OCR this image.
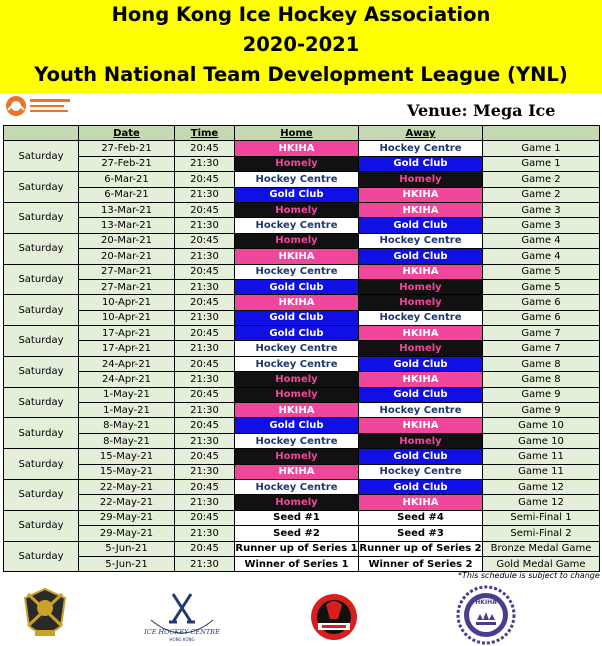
Hong Kong Ice Hockey Association
2020-2021
Youth National Team Development League (YNL)
Venue: Mega Ice
	Date	Time	Home	Away	
Saturday	27-Feb-21	20:45	HKIHA	Hockey Centre	Game 1
	27-Feb-21	21:30	Homely	Gold Club	Game 1
Saturday	6-Mar-21	20:45	Hockey Centre	Homely	Game 2
	6-Mar-21	21:30	Gold Club	HKIHA	Game 2
Saturday	13-Mar-21	20:45	Homely	HKIHA	Game 3
	13-Mar-21	21:30	Hockey Centre	Gold Club	Game 3
Saturday	20-Mar-21	20:45	Homely	Hockey Centre	Game 4
	20-Mar-21	21:30	HKIHA	Gold Club	Game 4
Saturday	27-Mar-21	20:45	Hockey Centre	HKIHA	Game 5
	27-Mar-21	21:30	Gold Club	Homely	Game 5
Saturday	10-Apr-21	20:45	HKIHA	Homely	Game 6
	10-Apr-21	21:30	Gold Club	Hockey Centre	Game 6
Saturday	17-Apr-21	20:45	Gold Club	HKIHA	Game 7
	17-Apr-21	21:30	Hockey Centre	Homely	Game 7
Saturday	24-Apr-21	20:45	Hockey Centre	Gold Club	Game 8
	24-Apr-21	21:30	Homely	HKIHA	Game 8
Saturday	1-May-21	20:45	Homely	Gold Club	Game 9
	1-May-21	21:30	HKIHA	Hockey Centre	Game 9
Saturday	8-May-21	20:45	Gold Club	HKIHA	Game 10
	8-May-21	21:30	Hockey Centre	Homely	Game 10
Saturday	15-May-21	20:45	Homely	Gold Club	Game 11
	15-May-21	21:30	HKIHA	Hockey Centre	Game 11
Saturday	22-May-21	20:45	Hockey Centre	Gold Club	Game 12
	22-May-21	21:30	Homely	HKIHA	Game 12
Saturday	29-May-21	20:45	Seed #1	Seed #4	Semi-Final 1
	29-May-21	21:30	Seed #2	Seed #3	Semi-Final 2
Saturday	5-Jun-21	20:45	Runner up of Series 1	Runner up of Series 2	Bronze Medal Game
	5-Jun-21	21:30	Winner of Series 1	Winner of Series 2	Gold Medal Game
*This schedule is subject to change
ICE HOCKEY CENTRE
HONG KONG
HKIHA
